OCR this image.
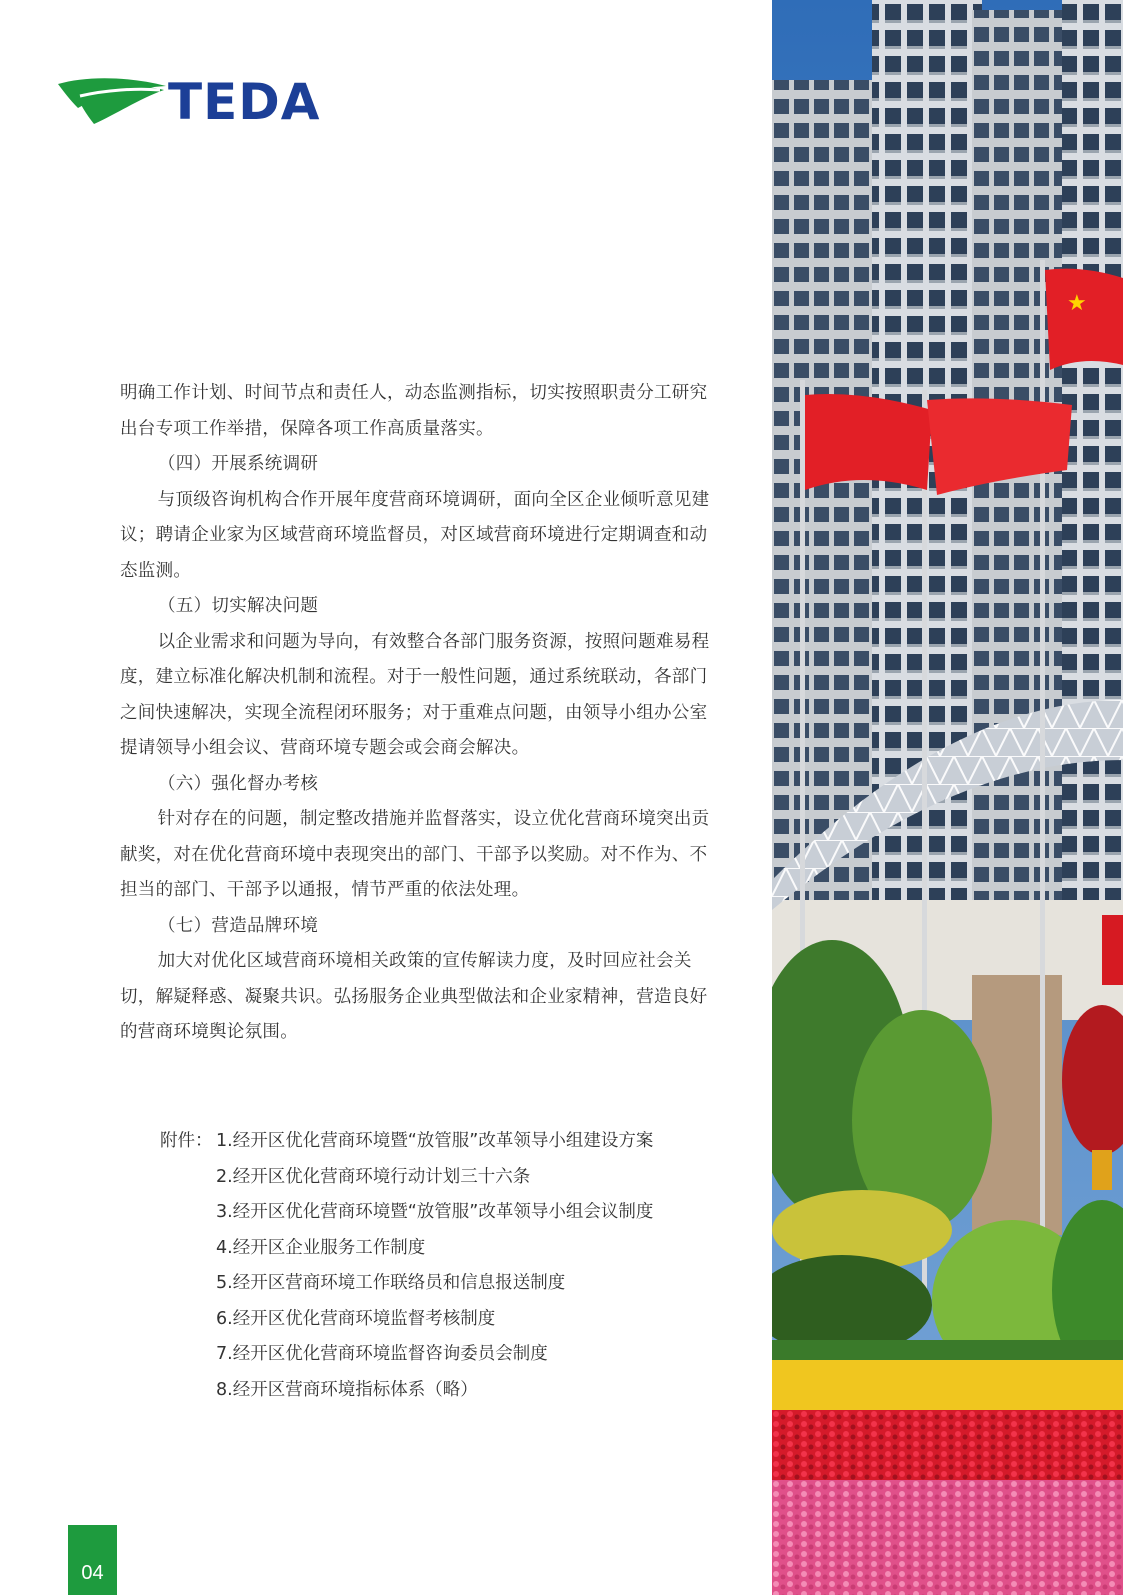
TEDA

明确工作计划、时间节点和责任人，动态监测指标，切实按照职责分工研究出台专项工作举措，保障各项工作高质量落实。

（四）开展系统调研

与顶级咨询机构合作开展年度营商环境调研，面向全区企业倾听意见建议；聘请企业家为区域营商环境监督员，对区域营商环境进行定期调查和动态监测。

（五）切实解决问题

以企业需求和问题为导向，有效整合各部门服务资源，按照问题难易程度，建立标准化解决机制和流程。对于一般性问题，通过系统联动，各部门之间快速解决，实现全流程闭环服务；对于重难点问题，由领导小组办公室提请领导小组会议、营商环境专题会或会商会解决。

（六）强化督办考核

针对存在的问题，制定整改措施并监督落实，设立优化营商环境突出贡献奖，对在优化营商环境中表现突出的部门、干部予以奖励。对不作为、不担当的部门、干部予以通报，情节严重的依法处理。

（七）营造品牌环境

加大对优化区域营商环境相关政策的宣传解读力度，及时回应社会关切，解疑释惑、凝聚共识。弘扬服务企业典型做法和企业家精神，营造良好的营商环境舆论氛围。

附件： 1.经开区优化营商环境暨“放管服”改革领导小组建设方案
2.经开区优化营商环境行动计划三十六条
3.经开区优化营商环境暨“放管服”改革领导小组会议制度
4.经开区企业服务工作制度
5.经开区营商环境工作联络员和信息报送制度
6.经开区优化营商环境监督考核制度
7.经开区优化营商环境监督咨询委员会制度
8.经开区营商环境指标体系（略）
04
★
